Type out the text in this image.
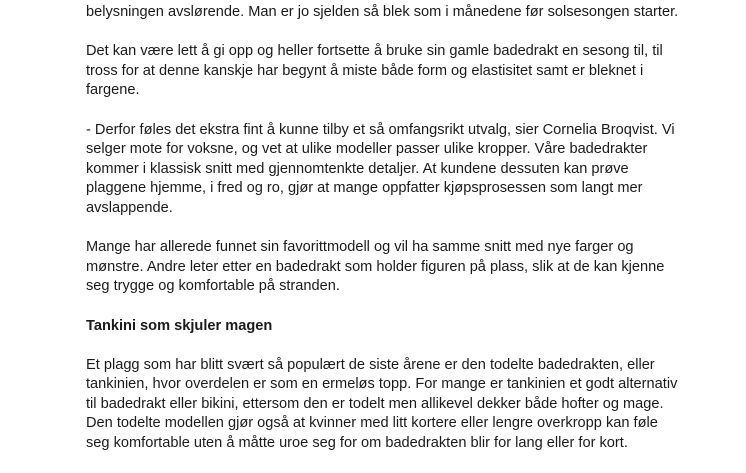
belysningen avslørende. Man er jo sjelden så blek som i månedene før solsesongen starter.

Det kan være lett å gi opp og heller fortsette å bruke sin gamle badedrakt en sesong til, til
tross for at denne kanskje har begynt å miste både form og elastisitet samt er bleknet i
fargene.

- Derfor føles det ekstra fint å kunne tilby et så omfangsrikt utvalg, sier Cornelia Broqvist. Vi
selger mote for voksne, og vet at ulike modeller passer ulike kropper. Våre badedrakter
kommer i klassisk snitt med gjennomtenkte detaljer. At kundene dessuten kan prøve
plaggene hjemme, i fred og ro, gjør at mange oppfatter kjøpsprosessen som langt mer
avslappende.

Mange har allerede funnet sin favorittmodell og vil ha samme snitt med nye farger og
mønstre. Andre leter etter en badedrakt som holder figuren på plass, slik at de kan kjenne
seg trygge og komfortable på stranden.

Tankini som skjuler magen

Et plagg som har blitt svært så populært de siste årene er den todelte badedrakten, eller
tankinien, hvor overdelen er som en ermeløs topp. For mange er tankinien et godt alternativ
til badedrakt eller bikini, ettersom den er todelt men allikevel dekker både hofter og mage.
Den todelte modellen gjør også at kvinner med litt kortere eller lengre overkropp kan føle
seg komfortable uten å måtte uroe seg for om badedrakten blir for lang eller for kort.
